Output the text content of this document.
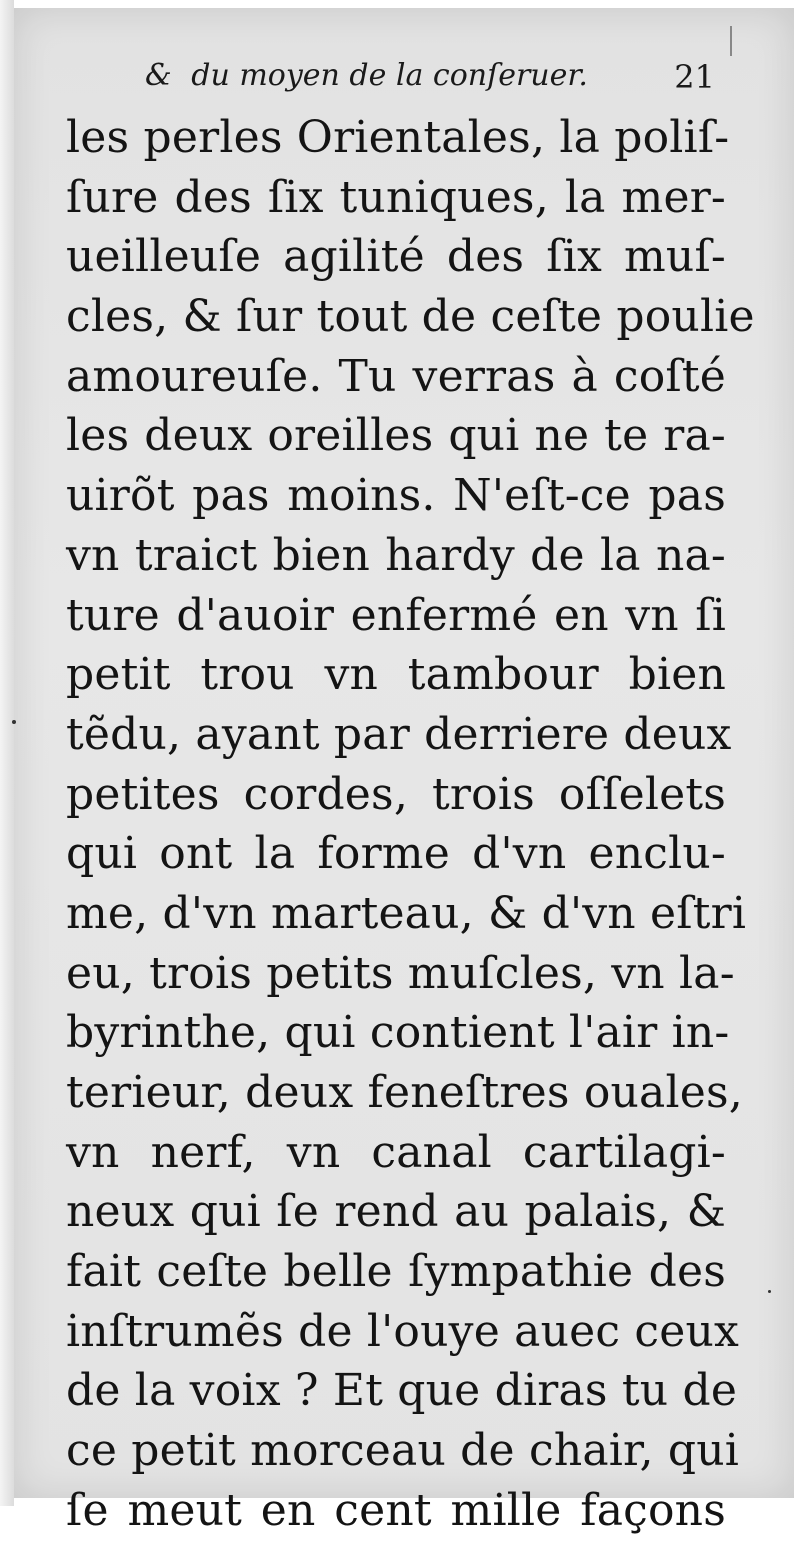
& du moyen de la conſeruer.	21
les perles Orientales, la poliſ-
ſure des ſix tuniques, la mer-
ueilleuſe agilité des ſix muſ-
cles, & ſur tout de ceſte poulie
amoureuſe. Tu verras à coſté
les deux oreilles qui ne te ra-
uirõt pas moins. N'eſt-ce pas
vn traict bien hardy de la na-
ture d'auoir enfermé en vn ſi
petit trou vn tambour bien
tẽdu, ayant par derriere deux
petites cordes, trois oſſelets
qui ont la forme d'vn enclu-
me, d'vn marteau, & d'vn eſtri
eu, trois petits muſcles, vn la-
byrinthe, qui contient l'air in-
terieur, deux feneſtres ouales,
vn nerf, vn canal cartilagi-
neux qui ſe rend au palais, &
fait ceſte belle ſympathie des
inſtrumẽs de l'ouye auec ceux
de la voix ? Et que diras tu de
ce petit morceau de chair, qui
ſe meut en cent mille façons
